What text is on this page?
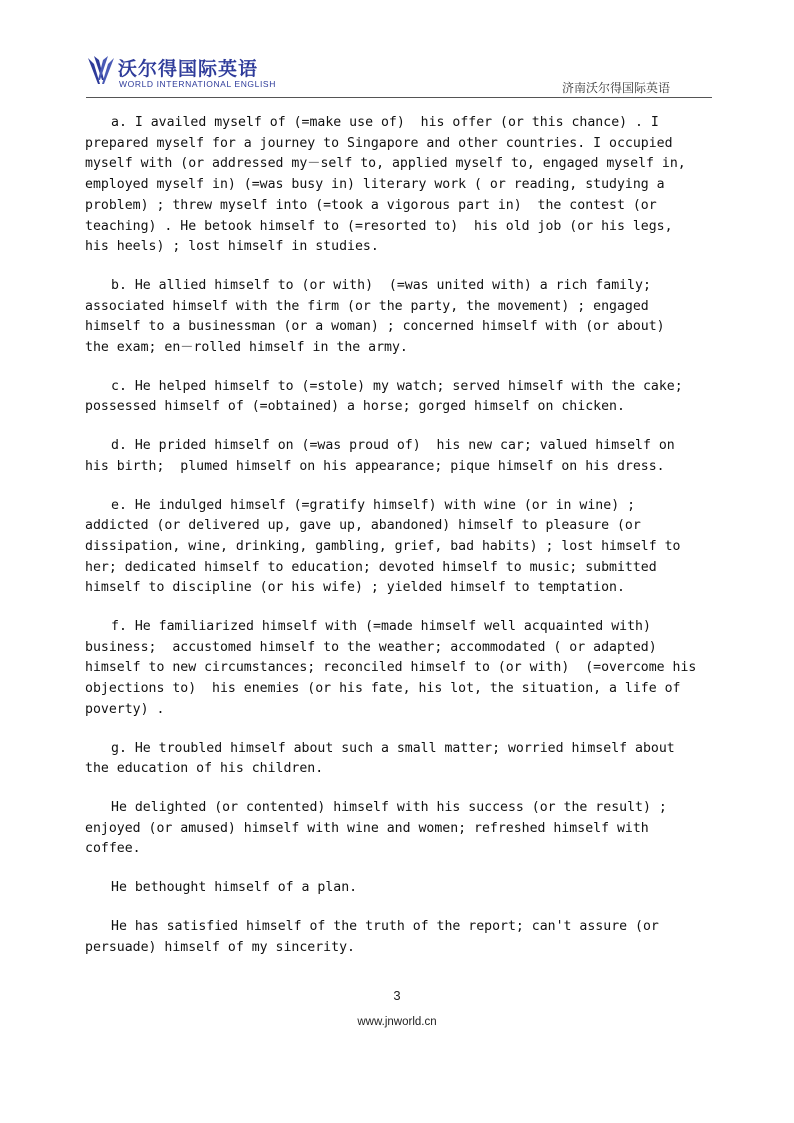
沃尔得国际英语
WORLD INTERNATIONAL ENGLISH	济南沃尔得国际英语
a. I availed myself of (=make use of)  his offer (or this chance) . I
prepared myself for a journey to Singapore and other countries. I occupied
myself with (or addressed my－self to, applied myself to, engaged myself in,
employed myself in) (=was busy in) literary work ( or reading, studying a
problem) ; threw myself into (=took a vigorous part in)  the contest (or
teaching) . He betook himself to (=resorted to)  his old job (or his legs,
his heels) ; lost himself in studies.
b. He allied himself to (or with)  (=was united with) a rich family;
associated himself with the firm (or the party, the movement) ; engaged
himself to a businessman (or a woman) ; concerned himself with (or about)
the exam; en－rolled himself in the army.
c. He helped himself to (=stole) my watch; served himself with the cake;
possessed himself of (=obtained) a horse; gorged himself on chicken.
d. He prided himself on (=was proud of)  his new car; valued himself on
his birth;  plumed himself on his appearance; pique himself on his dress.
e. He indulged himself (=gratify himself) with wine (or in wine) ;
addicted (or delivered up, gave up, abandoned) himself to pleasure (or
dissipation, wine, drinking, gambling, grief, bad habits) ; lost himself to
her; dedicated himself to education; devoted himself to music; submitted
himself to discipline (or his wife) ; yielded himself to temptation.
f. He familiarized himself with (=made himself well acquainted with)
business;  accustomed himself to the weather; accommodated ( or adapted)
himself to new circumstances; reconciled himself to (or with)  (=overcome his
objections to)  his enemies (or his fate, his lot, the situation, a life of
poverty) .
g. He troubled himself about such a small matter; worried himself about
the education of his children.
He delighted (or contented) himself with his success (or the result) ;
enjoyed (or amused) himself with wine and women; refreshed himself with
coffee.
He bethought himself of a plan.
He has satisfied himself of the truth of the report; can't assure (or
persuade) himself of my sincerity.
3
www.jnworld.cn
